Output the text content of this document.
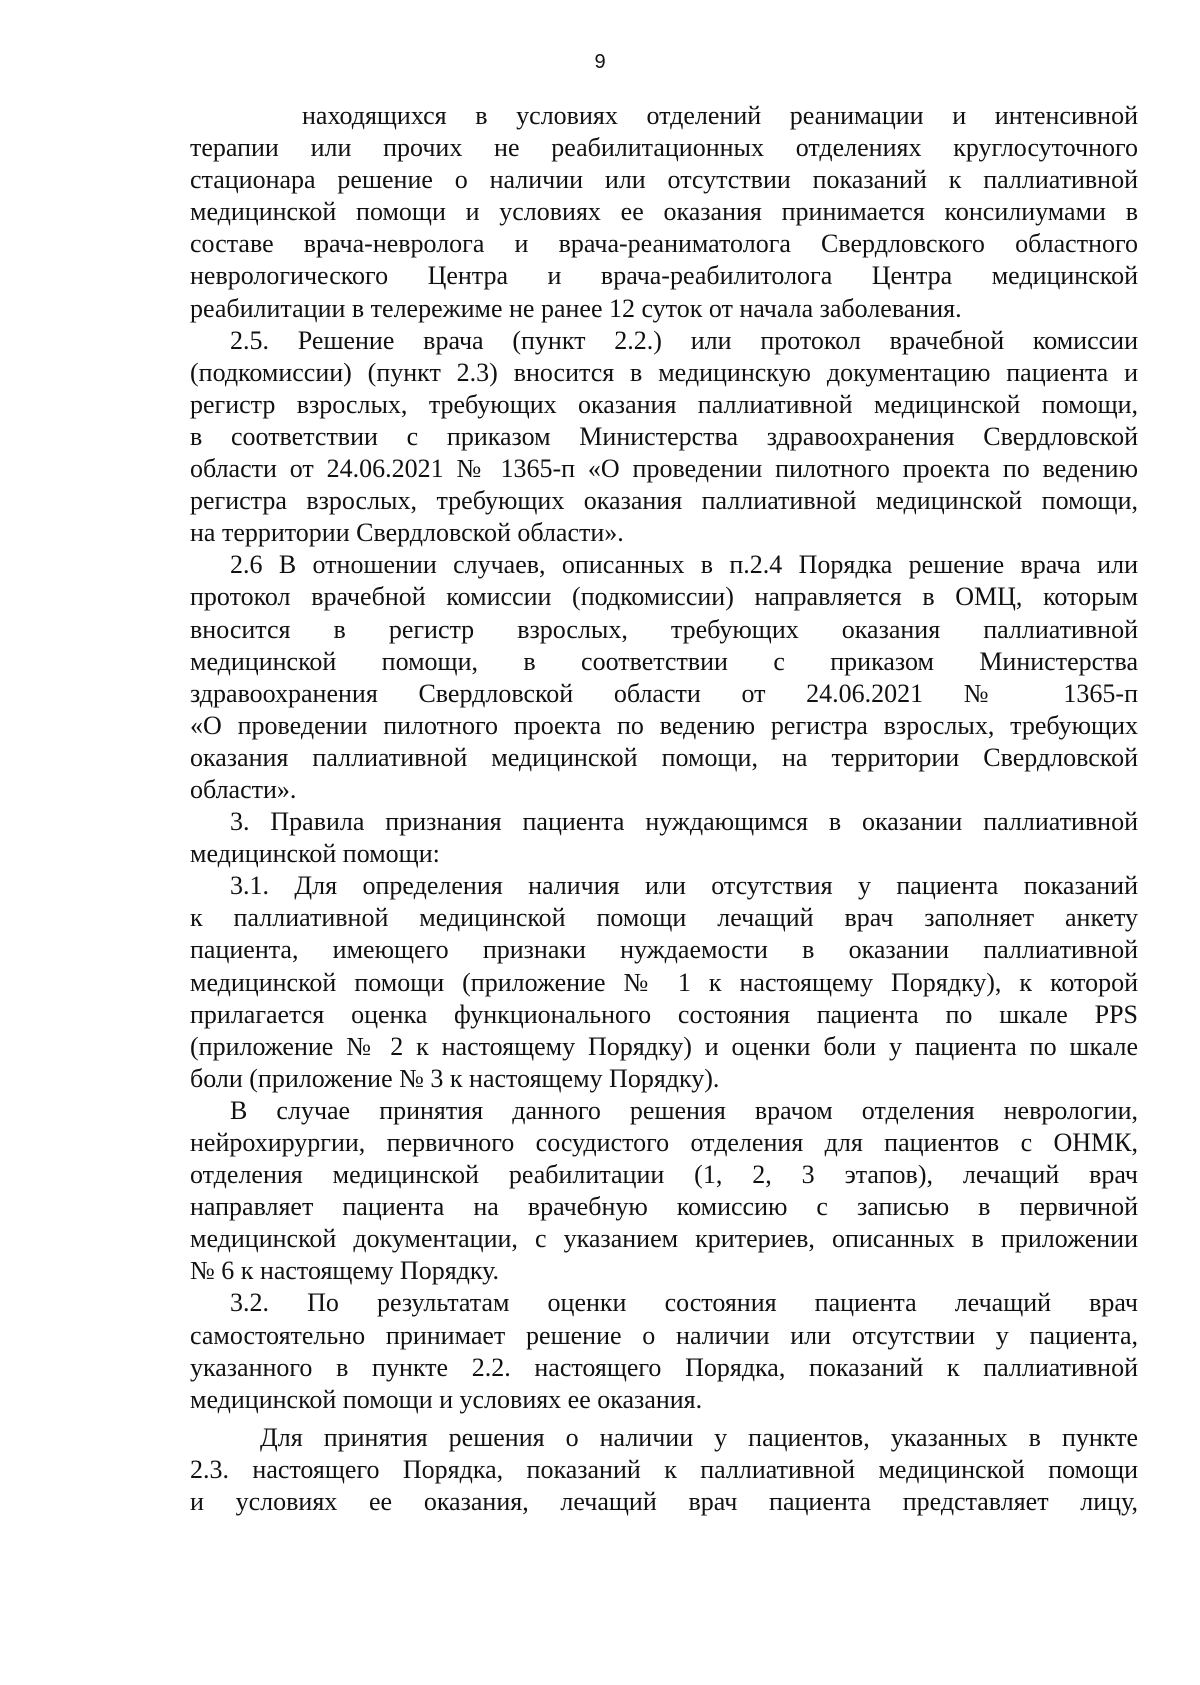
9

находящихся в условиях отделений реанимации и интенсивной
терапии или прочих не реабилитационных отделениях круглосуточного
стационара решение о наличии или отсутствии показаний к паллиативной
медицинской помощи и условиях ее оказания принимается консилиумами в
составе врача-невролога и врача-реаниматолога Свердловского областного
неврологического Центра и врача-реабилитолога Центра медицинской
реабилитации в телережиме не ранее 12 суток от начала заболевания.

2.5. Решение врача (пункт 2.2.) или протокол врачебной комиссии
(подкомиссии) (пункт 2.3) вносится в медицинскую документацию пациента и
регистр взрослых, требующих оказания паллиативной медицинской помощи,
в соответствии с приказом Министерства здравоохранения Свердловской
области от 24.06.2021 № 1365-п «О проведении пилотного проекта по ведению
регистра взрослых, требующих оказания паллиативной медицинской помощи,
на территории Свердловской области».

2.6 В отношении случаев, описанных в п.2.4 Порядка решение врача или
протокол врачебной комиссии (подкомиссии) направляется в ОМЦ, которым
вносится в регистр взрослых, требующих оказания паллиативной
медицинской помощи, в соответствии с приказом Министерства
здравоохранения Свердловской области от 24.06.2021 № 1365-п
«О проведении пилотного проекта по ведению регистра взрослых, требующих
оказания паллиативной медицинской помощи, на территории Свердловской
области».

3. Правила признания пациента нуждающимся в оказании паллиативной
медицинской помощи:

3.1. Для определения наличия или отсутствия у пациента показаний
к паллиативной медицинской помощи лечащий врач заполняет анкету
пациента, имеющего признаки нуждаемости в оказании паллиативной
медицинской помощи (приложение № 1 к настоящему Порядку), к которой
прилагается оценка функционального состояния пациента по шкале PPS
(приложение № 2 к настоящему Порядку) и оценки боли у пациента по шкале
боли (приложение № 3 к настоящему Порядку).

В случае принятия данного решения врачом отделения неврологии,
нейрохирургии, первичного сосудистого отделения для пациентов с ОНМК,
отделения медицинской реабилитации (1, 2, 3 этапов), лечащий врач
направляет пациента на врачебную комиссию с записью в первичной
медицинской документации, с указанием критериев, описанных в приложении
№ 6 к настоящему Порядку.

3.2. По результатам оценки состояния пациента лечащий врач
самостоятельно принимает решение о наличии или отсутствии у пациента,
указанного в пункте 2.2. настоящего Порядка, показаний к паллиативной
медицинской помощи и условиях ее оказания.

Для принятия решения о наличии у пациентов, указанных в пункте
2.3. настоящего Порядка, показаний к паллиативной медицинской помощи
и условиях ее оказания, лечащий врач пациента представляет лицу,
